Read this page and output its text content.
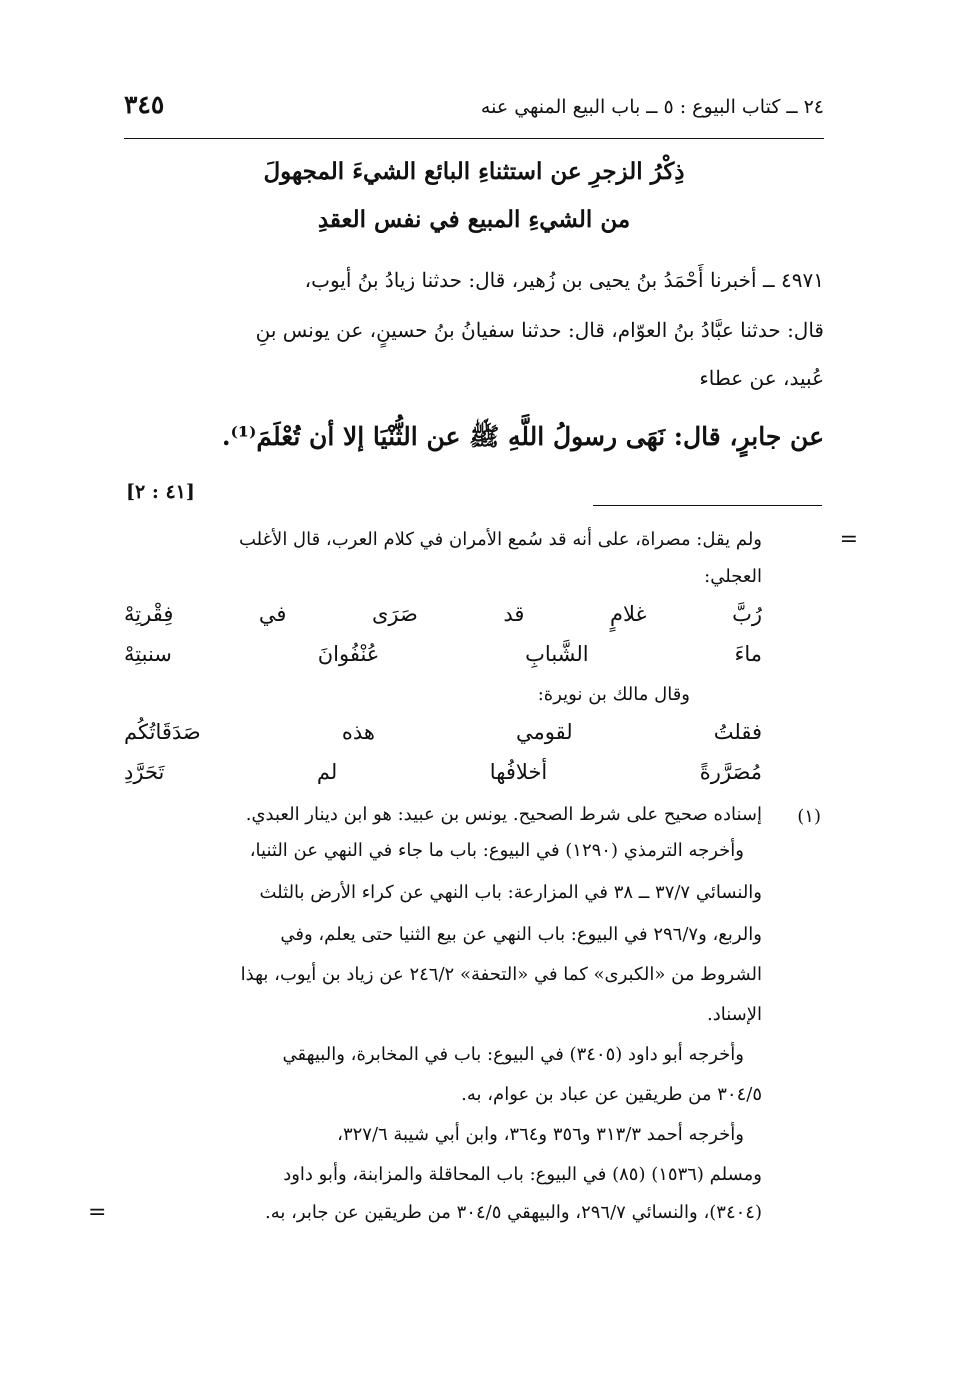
٣٤٥	٢٤ ــ كتاب البيوع : ٥ ــ باب البيع المنهي عنه
ذِكْرُ الزجرِ عن استثناءِ البائع الشيءَ المجهولَ
من الشيءِ المبيع في نفس العقدِ
٤٩٧١ ــ أخبرنا أَحْمَدُ بنُ يحيى بن زُهير، قال: حدثنا زيادُ بنُ أيوب،
قال: حدثنا عبَّادُ بنُ العوّام، قال: حدثنا سفيانُ بنُ حسينٍ، عن يونس بنِ
عُبيد، عن عطاء
عن جابرٍ، قال: نَهَى رسولُ اللَّهِ ﷺ عن الثُّنْيَا إلا أن تُعْلَمَ⁽¹⁾.
[٤١ : ٢]
=
ولم يقل: مصراة، على أنه قد سُمع الأمران في كلام العرب، قال الأغلب
العجلي:
رُبَّ
غلامٍ
قد
صَرَى
في
فِقْرتِهْ
ماءَ
الشَّبابِ
عُنْفُوانَ
سنبتِهْ
وقال مالك بن نويرة:
فقلتُ
لقومي
هذه
صَدَقَاتُكُم
مُصَرَّرةً
أخلافُها
لم
تَحَرَّدِ
(١)
إسناده صحيح على شرط الصحيح. يونس بن عبيد: هو ابن دينار العبدي.
وأخرجه الترمذي (١٢٩٠) في البيوع: باب ما جاء في النهي عن الثنيا،
والنسائي ٣٧/٧ ــ ٣٨ في المزارعة: باب النهي عن كراء الأرض بالثلث
والربع، و٢٩٦/٧ في البيوع: باب النهي عن بيع الثنيا حتى يعلم، وفي
الشروط من «الكبرى» كما في «التحفة» ٢٤٦/٢ عن زياد بن أيوب، بهذا
الإسناد.
وأخرجه أبو داود (٣٤٠٥) في البيوع: باب في المخابرة، والبيهقي
٣٠٤/٥ من طريقين عن عباد بن عوام، به.
وأخرجه أحمد ٣١٣/٣ و٣٥٦ و٣٦٤، وابن أبي شيبة ٣٢٧/٦،
ومسلم (١٥٣٦) (٨٥) في البيوع: باب المحاقلة والمزابنة، وأبو داود
(٣٤٠٤)، والنسائي ٢٩٦/٧، والبيهقي ٣٠٤/٥ من طريقين عن جابر، به.
=
